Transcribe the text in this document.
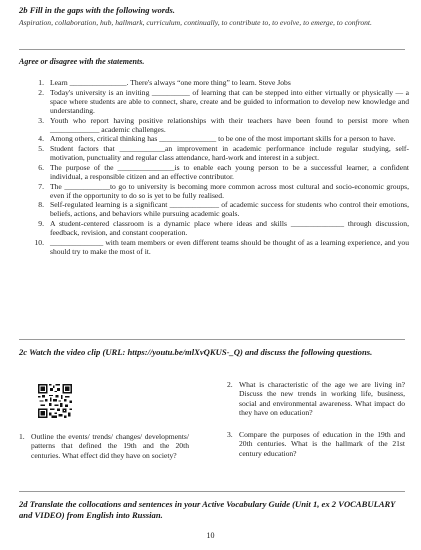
2b Fill in the gaps with the following words.
Aspiration, collaboration, hub, hallmark, curriculum, continually, to contribute to, to evolve, to emerge, to confront.
Agree or disagree with the statements.
1. Learn _______________. There's always “one more thing” to learn. Steve Jobs
2. Today's university is an inviting __________ of learning that can be stepped into either virtually or physically — a space where students are able to connect, share, create and be guided to information to develop new knowledge and understanding.
3. Youth who report having positive relationships with their teachers have been found to persist more when _____________ academic challenges.
4. Among others, critical thinking has _______________ to be one of the most important skills for a person to have.
5. Student factors that ____________an improvement in academic performance include regular studying, self-motivation, punctuality and regular class attendance, hard-work and interest in a subject.
6. The purpose of the _______________is to enable each young person to be a successful learner, a confident individual, a responsible citizen and an effective contributor.
7. The ____________to go to university is becoming more common across most cultural and socio-economic groups, even if the opportunity to do so is yet to be fully realised.
8. Self-regulated learning is a significant _____________ of academic success for students who control their emotions, beliefs, actions, and behaviors while pursuing academic goals.
9. A student-centered classroom is a dynamic place where ideas and skills ______________ through discussion, feedback, revision, and constant cooperation.
10. ______________ with team members or even different teams should be thought of as a learning experience, and you should try to make the most of it.
2c Watch the video clip (URL: https://youtu.be/mlXvQKUS-_Q) and discuss the following questions.
1. Outline the events/ trends/ changes/ developments/ patterns that defined the 19th and the 20th centuries. What effect did they have on society?
2. What is characteristic of the age we are living in? Discuss the new trends in working life, business, social and environmental awareness. What impact do they have on education?
3. Compare the purposes of education in the 19th and 20th centuries. What is the hallmark of the 21st century education?
2d Translate the collocations and sentences in your Active Vocabulary Guide (Unit 1, ex 2 VOCABULARY and VIDEO) from English into Russian.
10
